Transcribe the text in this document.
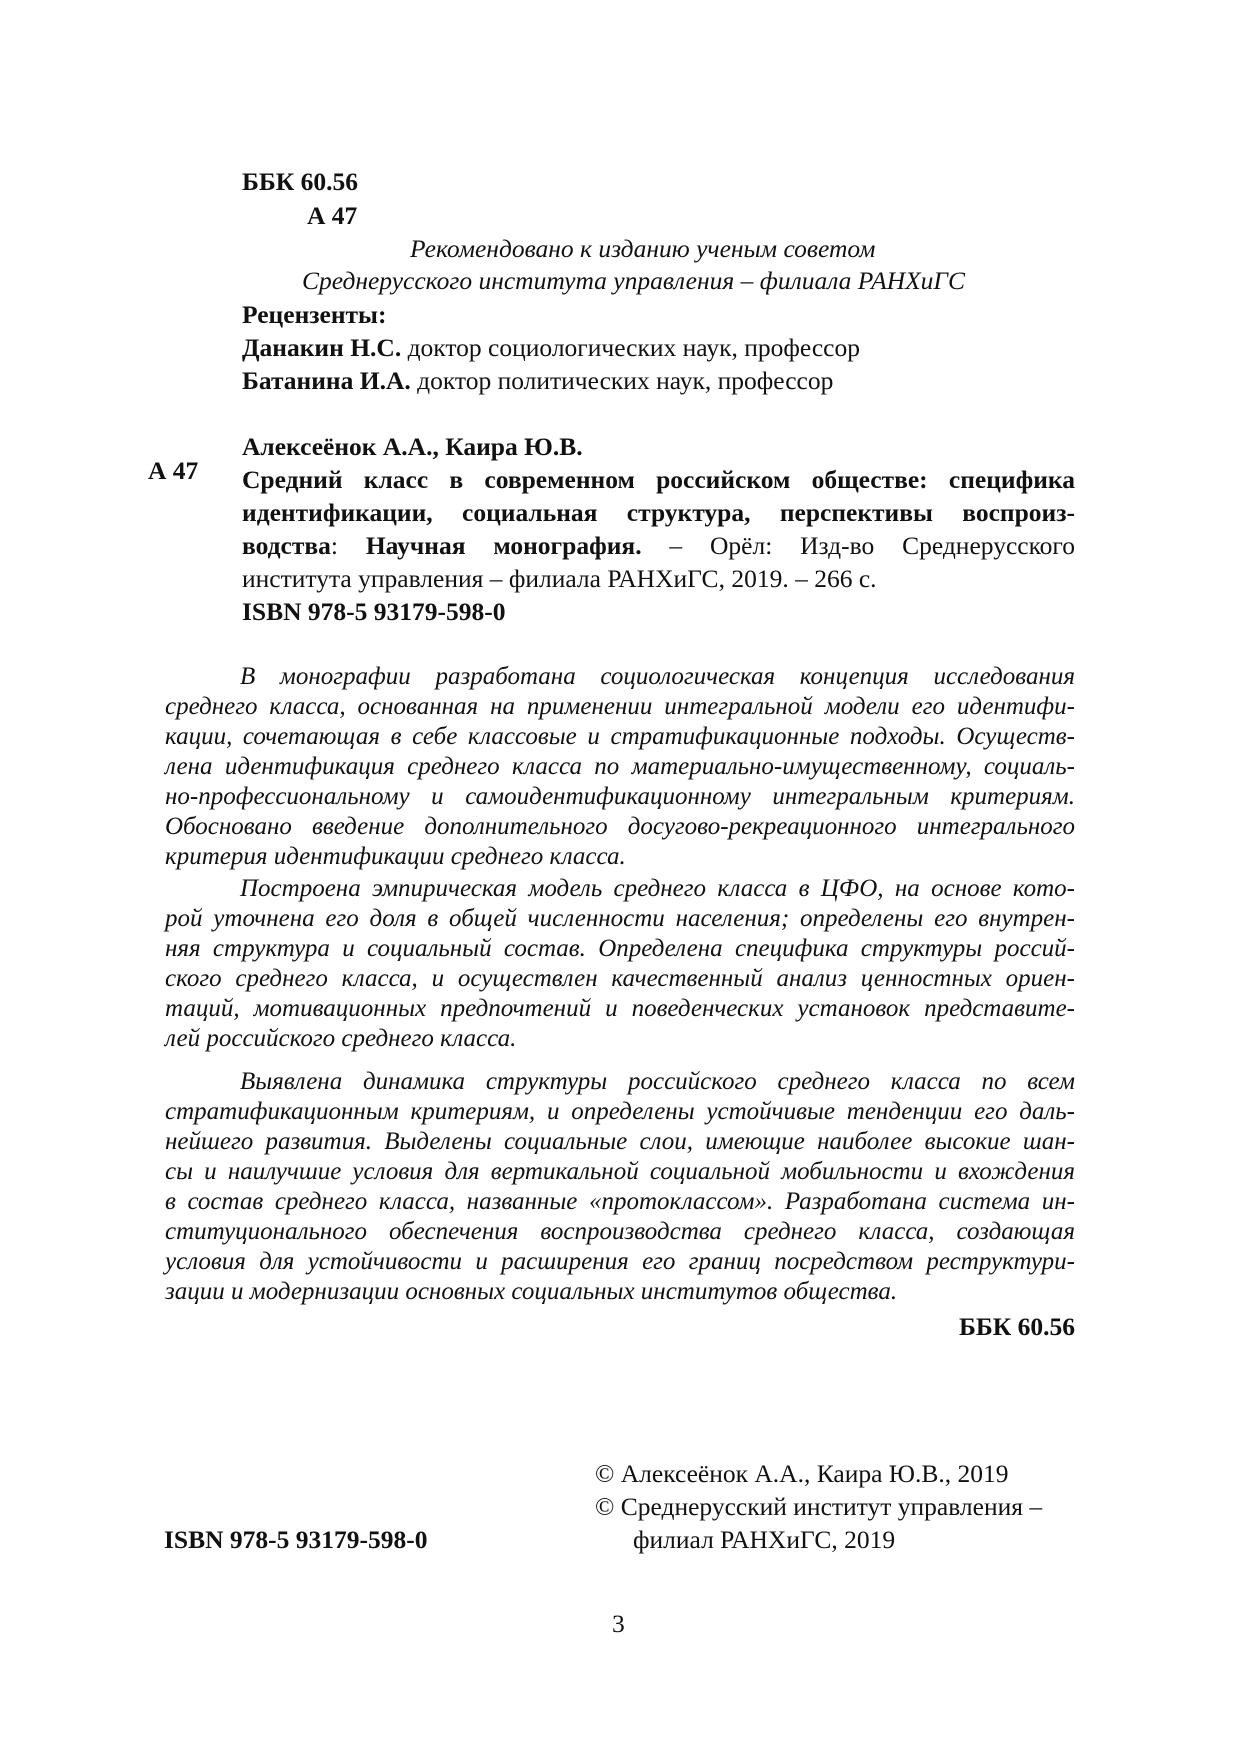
ББК 60.56
А 47
Рекомендовано к изданию ученым советом
Среднерусского института управления – филиала РАНХиГС
Рецензенты:
Данакин Н.С. доктор социологических наук, профессор
Батанина И.А. доктор политических наук, профессор
Алексеёнок А.А., Каира Ю.В.
А 47 Средний класс в современном российском обществе: специфика
идентификации, социальная структура, перспективы воспроиз-
водства: Научная монография. – Орёл: Изд-во Среднерусского
института управления – филиала РАНХиГС, 2019. – 266 с.
ISBN 978-5 93179-598-0
В монографии разработана социологическая концепция исследования
среднего класса, основанная на применении интегральной модели его идентифи-
кации, сочетающая в себе классовые и стратификационные подходы. Осуществ-
лена идентификация среднего класса по материально-имущественному, социаль-
но-профессиональному и самоидентификационному интегральным критериям.
Обосновано введение дополнительного досугово-рекреационного интегрального
критерия идентификации среднего класса.
Построена эмпирическая модель среднего класса в ЦФО, на основе кото-
рой уточнена его доля в общей численности населения; определены его внутрен-
няя структура и социальный состав. Определена специфика структуры россий-
ского среднего класса, и осуществлен качественный анализ ценностных ориен-
таций, мотивационных предпочтений и поведенческих установок представите-
лей российского среднего класса.
Выявлена динамика структуры российского среднего класса по всем
стратификационным критериям, и определены устойчивые тенденции его даль-
нейшего развития. Выделены социальные слои, имеющие наиболее высокие шан-
сы и наилучшие условия для вертикальной социальной мобильности и вхождения
в состав среднего класса, названные «протоклассом». Разработана система ин-
ституционального обеспечения воспроизводства среднего класса, создающая
условия для устойчивости и расширения его границ посредством реструктури-
зации и модернизации основных социальных институтов общества.
ББК 60.56
© Алексеёнок А.А., Каира Ю.В., 2019
© Среднерусский институт управления –
филиал РАНХиГС, 2019
ISBN 978-5 93179-598-0
3
